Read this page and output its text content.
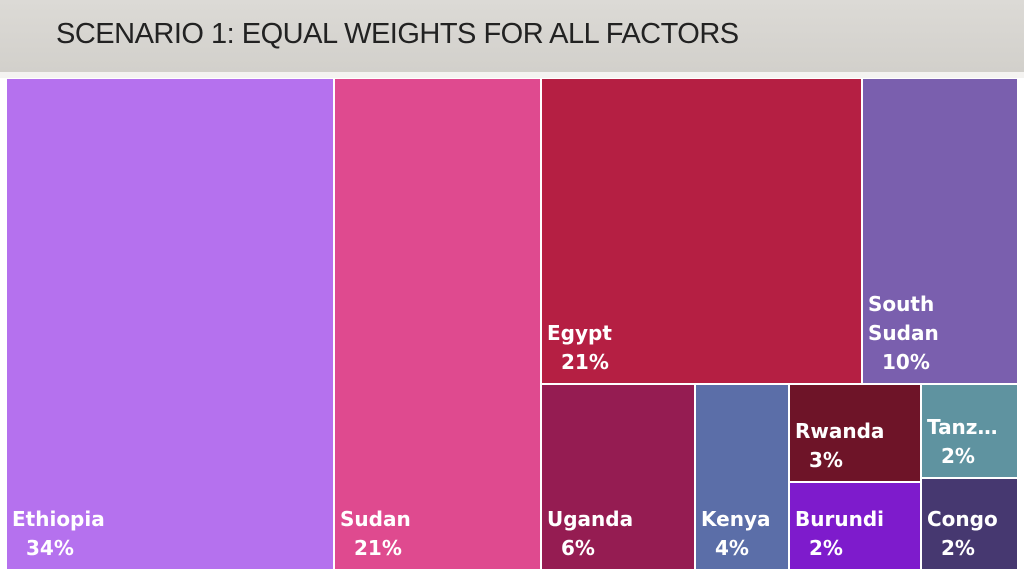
SCENARIO 1: EQUAL WEIGHTS FOR ALL FACTORS
Ethiopia
34%
Sudan
21%
Egypt
21%
South
Sudan
10%
Uganda
6%
Kenya
4%
Rwanda
3%
Tanz…
2%
Burundi
2%
Congo
2%
